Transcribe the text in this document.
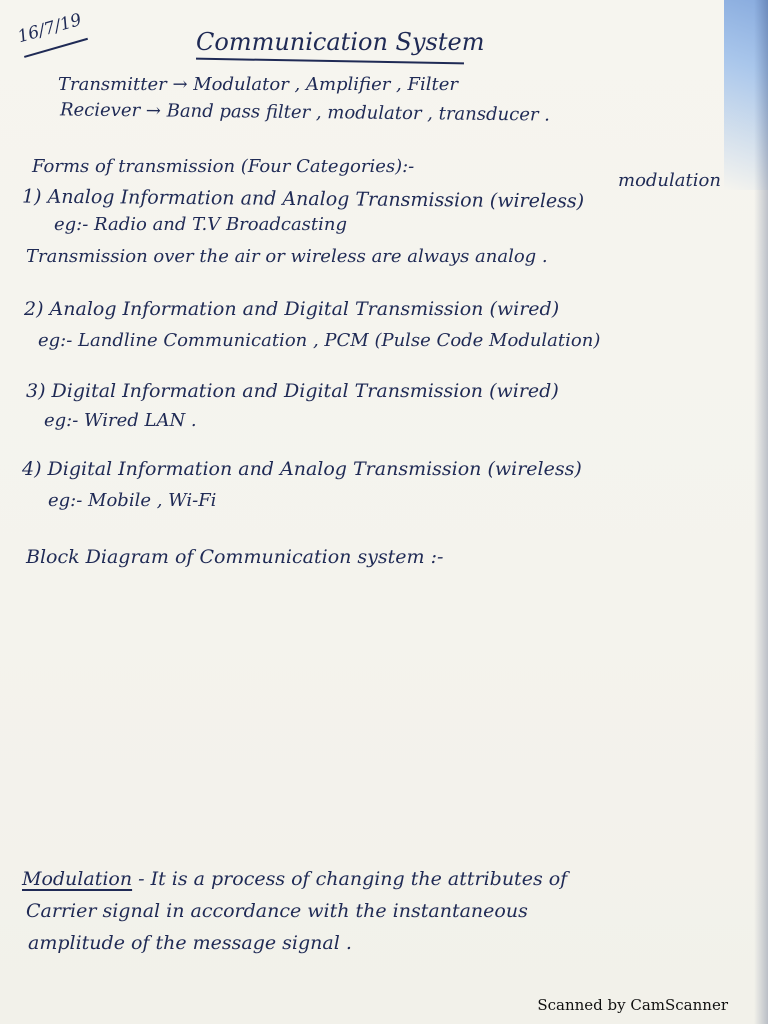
16/7/19	Communication System
Transmitter → Modulator , Amplifier , Filter
Reciever → Band pass filter , modulator , transducer .
Forms of transmission (Four Categories):-
modulation
1) Analog Information and Analog Transmission (wireless)
eg:- Radio and T.V Broadcasting
Transmission over the air or wireless are always analog .
2) Analog Information and Digital Transmission (wired)
eg:- Landline Communication , PCM (Pulse Code Modulation)
3) Digital Information and Digital Transmission (wired)
eg:- Wired LAN .
4) Digital Information and Analog Transmission (wireless)
eg:- Mobile , Wi-Fi
Block Diagram of Communication system :-
Modulation - It is a process of changing the attributes of
Carrier signal in accordance with the instantaneous
amplitude of the message signal .
Scanned by CamScanner
